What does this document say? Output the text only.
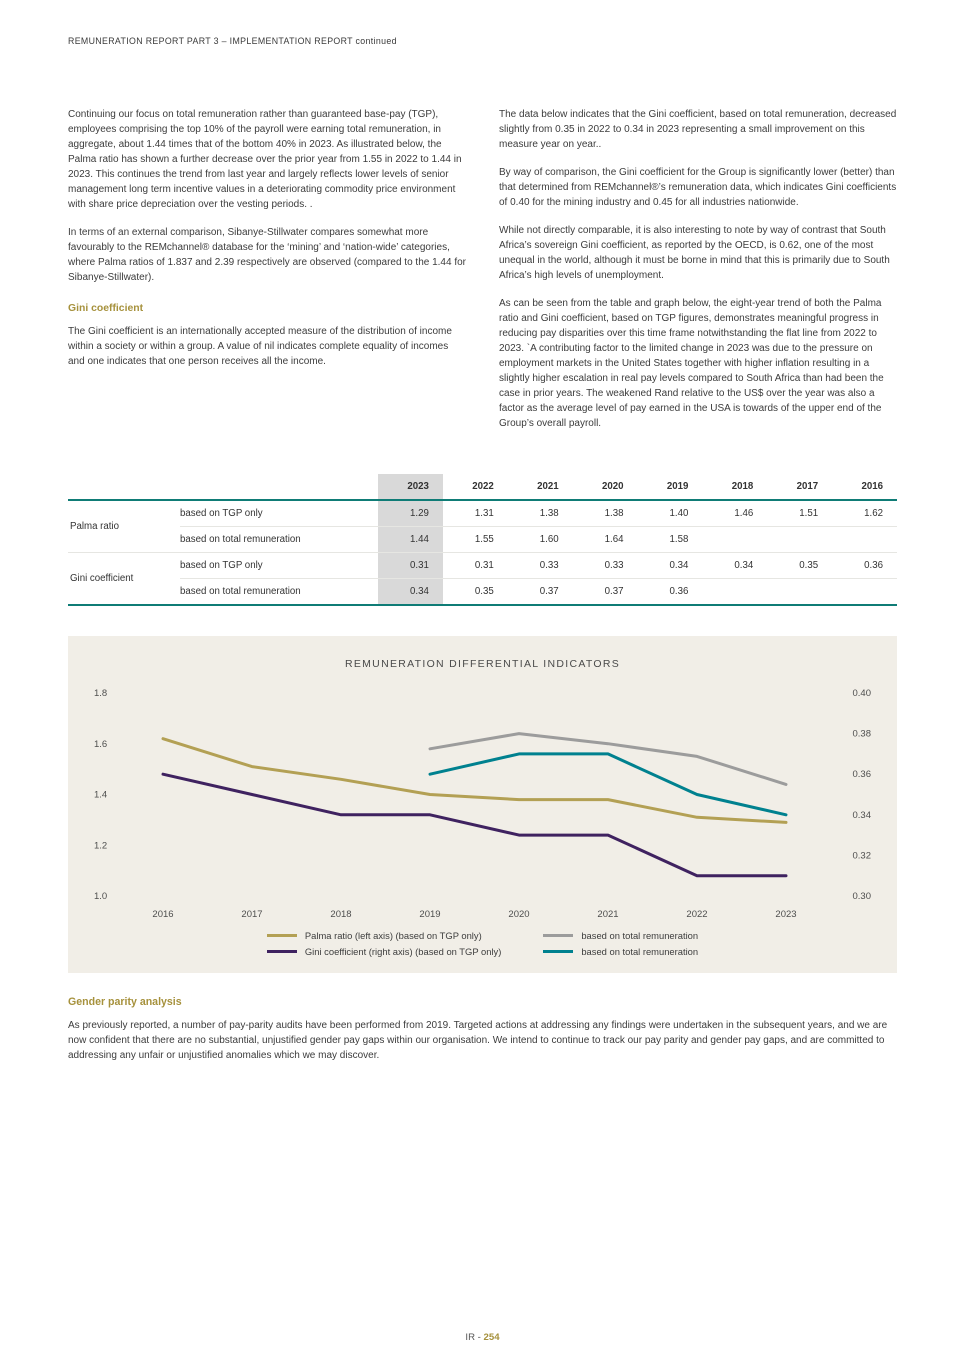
REMUNERATION REPORT PART 3 – IMPLEMENTATION REPORT continued

Continuing our focus on total remuneration rather than guaranteed base-pay (TGP), employees comprising the top 10% of the payroll were earning total remuneration, in aggregate, about 1.44 times that of the bottom 40% in 2023. As illustrated below, the Palma ratio has shown a further decrease over the prior year from 1.55 in 2022 to 1.44 in 2023. This continues the trend from last year and largely reflects lower levels of senior management long term incentive values in a deteriorating commodity price environment with share price depreciation over the vesting periods. .

In terms of an external comparison, Sibanye-Stillwater compares somewhat more favourably to the REMchannel® database for the ‘mining’ and ‘nation-wide’ categories, where Palma ratios of 1.837 and 2.39 respectively are observed (compared to the 1.44 for Sibanye-Stillwater).

Gini coefficient

The Gini coefficient is an internationally accepted measure of the distribution of income within a society or within a group. A value of nil indicates complete equality of incomes and one indicates that one person receives all the income.

The data below indicates that the Gini coefficient, based on total remuneration, decreased slightly from 0.35 in 2022 to 0.34 in 2023 representing a small improvement on this measure year on year..

By way of comparison, the Gini coefficient for the Group is significantly lower (better) than that determined from REMchannel®’s remuneration data, which indicates Gini coefficients of 0.40 for the mining industry and 0.45 for all industries nationwide.

While not directly comparable, it is also interesting to note by way of contrast that South Africa’s sovereign Gini coefficient, as reported by the OECD, is 0.62, one of the most unequal in the world, although it must be borne in mind that this is primarily due to South Africa’s high levels of unemployment.

As can be seen from the table and graph below, the eight-year trend of both the Palma ratio and Gini coefficient, based on TGP figures, demonstrates meaningful progress in reducing pay disparities over this time frame notwithstanding the flat line from 2022 to 2023. `A contributing factor to the limited change in 2023 was due to the pressure on employment markets in the United States together with higher inflation resulting in a slightly higher escalation in real pay levels compared to South Africa than had been the case in prior years. The weakened Rand relative to the US$ over the year was also a factor as the average level of pay earned in the USA is towards of the upper end of the Group’s overall payroll.

		2023	2022	2021	2020	2019	2018	2017	2016
Palma ratio	based on TGP only	1.29	1.31	1.38	1.38	1.40	1.46	1.51	1.62
	based on total remuneration	1.44	1.55	1.60	1.64	1.58			
Gini coefficient	based on TGP only	0.31	0.31	0.33	0.33	0.34	0.34	0.35	0.36
	based on total remuneration	0.34	0.35	0.37	0.37	0.36			
REMUNERATION DIFFERENTIAL INDICATORS
1.0
1.2
1.4
1.6
1.8
0.30
0.32
0.34
0.36
0.38
0.40
2016	2017	2018	2019	2020	2021	2022	2023
Palma ratio (left axis) (based on TGP only)	based on total remuneration
Gini coefficient (right axis) (based on TGP only)	based on total remuneration
Gender parity analysis

As previously reported, a number of pay-parity audits have been performed from 2019. Targeted actions at addressing any findings were undertaken in the subsequent years, and we are now confident that there are no substantial, unjustified gender pay gaps within our organisation. We intend to continue to track our pay parity and gender pay gaps, and are committed to addressing any unfair or unjustified anomalies which we may discover.

IR - 254
